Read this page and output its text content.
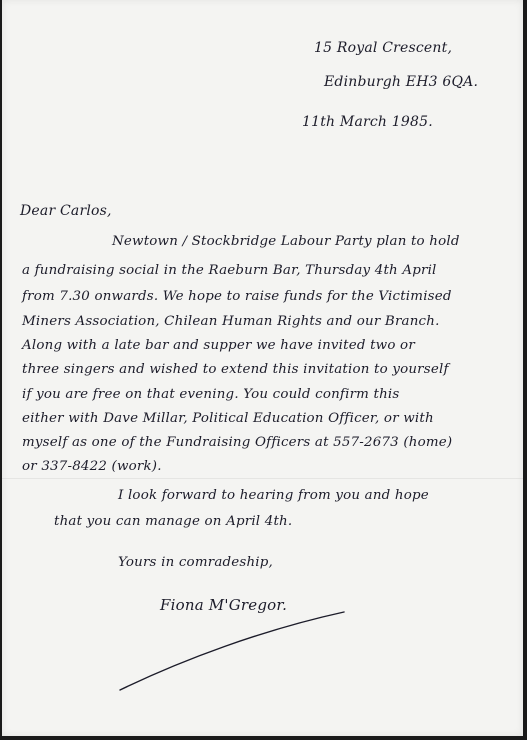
15 Royal Crescent,
Edinburgh EH3 6QA.
11th March 1985.
Dear Carlos,
Newtown / Stockbridge Labour Party plan to hold
a fundraising social in the Raeburn Bar, Thursday 4th April
from 7.30 onwards. We hope to raise funds for the Victimised
Miners Association, Chilean Human Rights and our Branch.
Along with a late bar and supper we have invited two or
three singers and wished to extend this invitation to yourself
if you are free on that evening. You could confirm this
either with Dave Millar, Political Education Officer, or with
myself as one of the Fundraising Officers at 557-2673 (home)
or 337-8422 (work).
I look forward to hearing from you and hope
that you can manage on April 4th.
Yours in comradeship,
Fiona M'Gregor.
